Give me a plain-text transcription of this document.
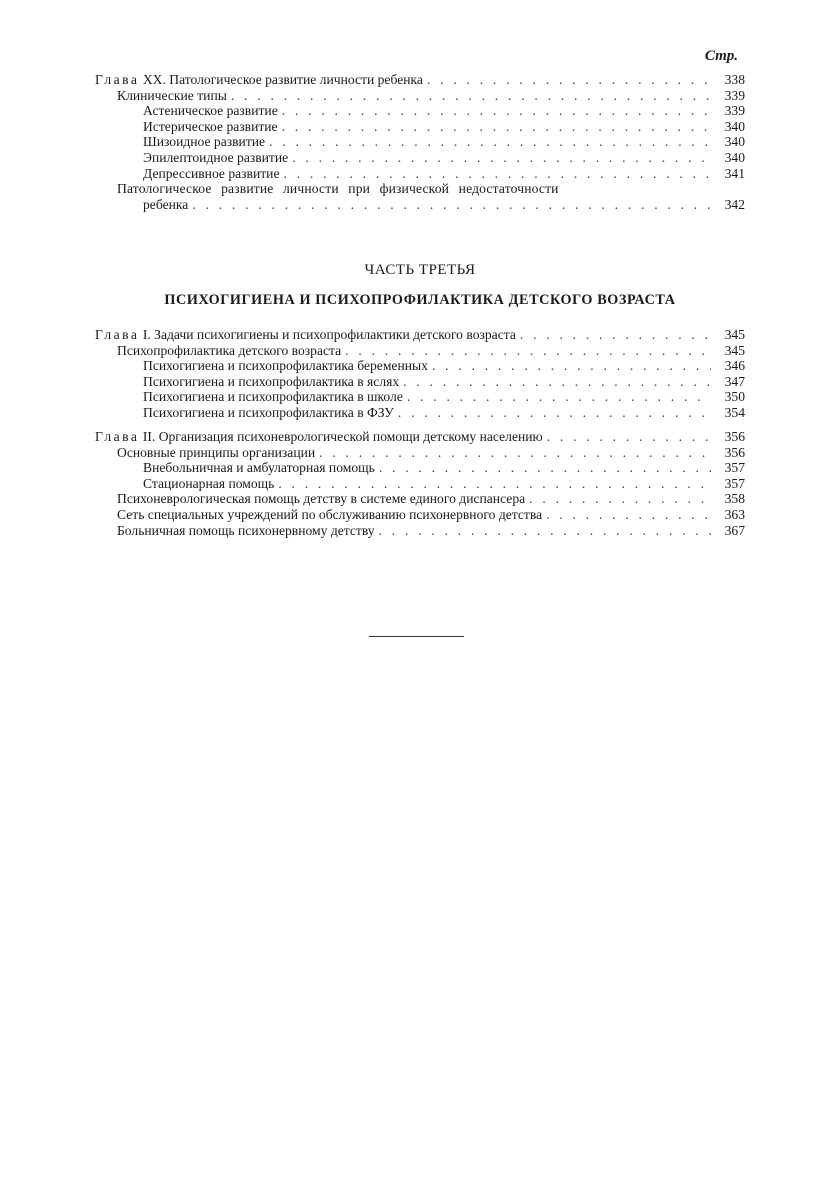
Стр.
Глава XX. Патологическое развитие личности ребенка . . .	338
Клинические типы . . .	339
Астеническое развитие . . .	339
Истерическое развитие . . .	340
Шизоидное развитие . . .	340
Эпилептоидное развитие . . .	340
Депрессивное развитие . . .	341
Патологическое развитие личности при физической недостаточности
ребенка . . .	342
ЧАСТЬ ТРЕТЬЯ
ПСИХОГИГИЕНА И ПСИХОПРОФИЛАКТИКА ДЕТСКОГО ВОЗРАСТА
Глава I. Задачи психогигиены и психопрофилактики детского возраста . . .	345
Психопрофилактика детского возраста . . .	345
Психогигиена и психопрофилактика беременных . . .	346
Психогигиена и психопрофилактика в яслях . . .	347
Психогигиена и психопрофилактика в школе . . .	350
Психогигиена и психопрофилактика в ФЗУ . . .	354
Глава II. Организация психоневрологической помощи детскому населению . . .	356
Основные принципы организации . . .	356
Внебольничная и амбулаторная помощь . . .	357
Стационарная помощь . . .	357
Психоневрологическая помощь детству в системе единого диспансера . . .	358
Сеть специальных учреждений по обслуживанию психонервного детства . . .	363
Больничная помощь психонервному детству . . .	367
